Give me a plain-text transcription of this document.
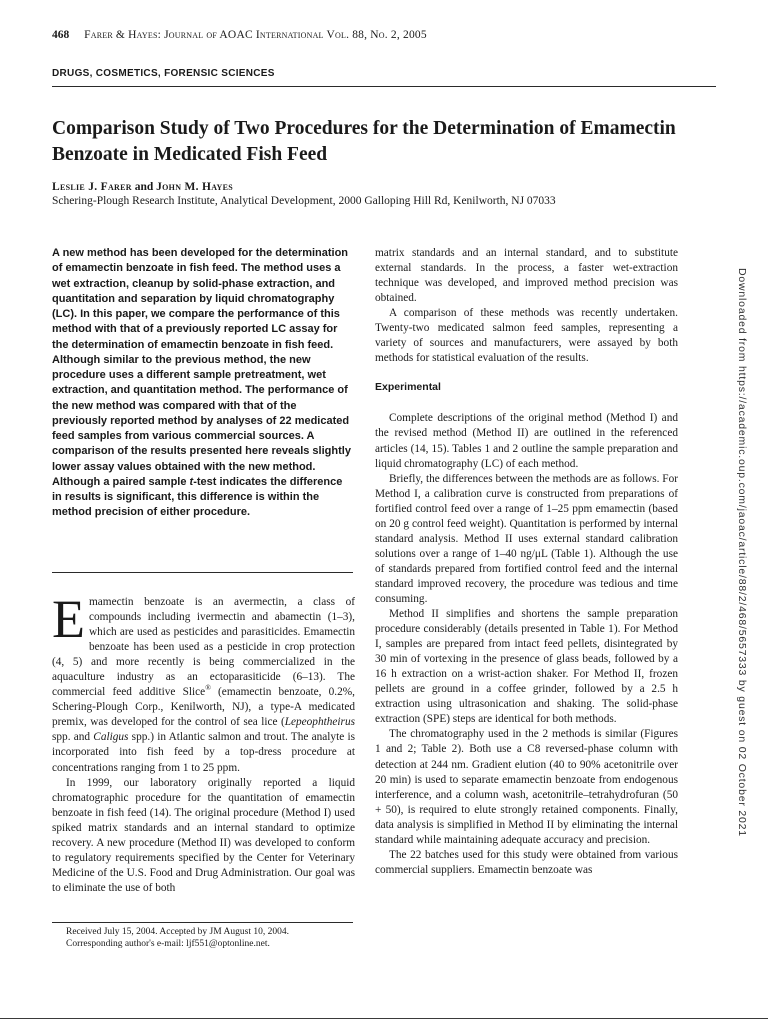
468 Farer & Hayes: Journal of AOAC International Vol. 88, No. 2, 2005
DRUGS, COSMETICS, FORENSIC SCIENCES
Comparison Study of Two Procedures for the Determination of Emamectin Benzoate in Medicated Fish Feed
Leslie J. Farer and John M. Hayes
Schering-Plough Research Institute, Analytical Development, 2000 Galloping Hill Rd, Kenilworth, NJ 07033

A new method has been developed for the determination of emamectin benzoate in fish feed. The method uses a wet extraction, cleanup by solid-phase extraction, and quantitation and separation by liquid chromatography (LC). In this paper, we compare the performance of this method with that of a previously reported LC assay for the determination of emamectin benzoate in fish feed. Although similar to the previous method, the new procedure uses a different sample pretreatment, wet extraction, and quantitation method. The performance of the new method was compared with that of the previously reported method by analyses of 22 medicated feed samples from various commercial sources. A comparison of the results presented here reveals slightly lower assay values obtained with the new method. Although a paired sample t-test indicates the difference in results is significant, this difference is within the method precision of either procedure.

Emamectin benzoate is an avermectin, a class of compounds including ivermectin and abamectin (1–3), which are used as pesticides and parasiticides. Emamectin benzoate has been used as a pesticide in crop protection (4, 5) and more recently is being commercialized in the aquaculture industry as an ectoparasiticide (6–13). The commercial feed additive Slice® (emamectin benzoate, 0.2%, Schering-Plough Corp., Kenilworth, NJ), a type-A medicated premix, was developed for the control of sea lice (Lepeophtheirus spp. and Caligus spp.) in Atlantic salmon and trout. The analyte is incorporated into fish feed by a top-dress procedure at concentrations ranging from 1 to 25 ppm.

In 1999, our laboratory originally reported a liquid chromatographic procedure for the quantitation of emamectin benzoate in fish feed (14). The original procedure (Method I) used spiked matrix standards and an internal standard to optimize recovery. A new procedure (Method II) was developed to conform to regulatory requirements specified by the Center for Veterinary Medicine of the U.S. Food and Drug Administration. Our goal was to eliminate the use of both

Received July 15, 2004. Accepted by JM August 10, 2004.
Corresponding author's e-mail: ljf551@optonline.net.

matrix standards and an internal standard, and to substitute external standards. In the process, a faster wet-extraction technique was developed, and improved method precision was obtained.

A comparison of these methods was recently undertaken. Twenty-two medicated salmon feed samples, representing a variety of sources and manufacturers, were assayed by both methods for statistical evaluation of the results.

Experimental

Complete descriptions of the original method (Method I) and the revised method (Method II) are outlined in the referenced articles (14, 15). Tables 1 and 2 outline the sample preparation and liquid chromatography (LC) of each method.

Briefly, the differences between the methods are as follows. For Method I, a calibration curve is constructed from preparations of fortified control feed over a range of 1–25 ppm emamectin (based on 20 g control feed weight). Quantitation is performed by internal standard analysis. Method II uses external standard calibration solutions over a range of 1–40 ng/μL (Table 1). Although the use of standards prepared from fortified control feed and the internal standard improved recovery, the procedure was tedious and time consuming.

Method II simplifies and shortens the sample preparation procedure considerably (details presented in Table 1). For Method I, samples are prepared from intact feed pellets, disintegrated by 30 min of vortexing in the presence of glass beads, followed by a 16 h extraction on a wrist-action shaker. For Method II, frozen pellets are ground in a coffee grinder, followed by a 2.5 h extraction using ultrasonication and shaking. The solid-phase extraction (SPE) steps are identical for both methods.

The chromatography used in the 2 methods is similar (Figures 1 and 2; Table 2). Both use a C8 reversed-phase column with detection at 244 nm. Gradient elution (40 to 90% acetonitrile over 20 min) is used to separate emamectin benzoate from endogenous interference, and a column wash, acetonitrile–tetrahydrofuran (50 + 50), is required to elute strongly retained components. Finally, data analysis is simplified in Method II by eliminating the internal standard while maintaining adequate accuracy and precision.

The 22 batches used for this study were obtained from various commercial suppliers. Emamectin benzoate was

Downloaded from https://academic.oup.com/jaoac/article/88/2/468/5657333 by guest on 02 October 2021
